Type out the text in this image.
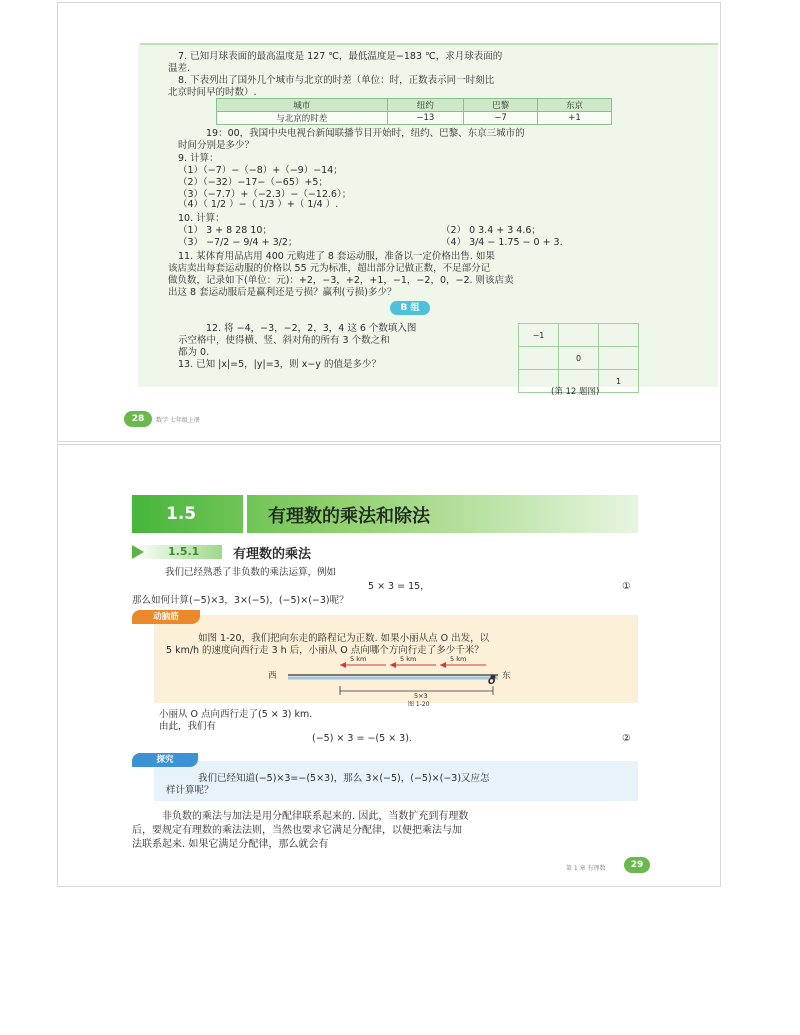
7. 已知月球表面的最高温度是 127 ℃，最低温度是−183 ℃，求月球表面的
温差.
8. 下表列出了国外几个城市与北京的时差（单位：时，正数表示同一时刻比
北京时间早的时数）.
城市	纽约	巴黎	东京
与北京的时差	−13	−7	+1
19：00，我国中央电视台新闻联播节目开始时，纽约、巴黎、东京三城市的
时间分别是多少？
9. 计算：
（1）（−7）−（−8）+（−9）−14；
（2）（−32）−17−（−65）+5；
（3）（−7.7）+（−2.3）−（−12.6）；
（4）（ 1/2 ）−（ 1/3 ）+（ 1/4 ）.
10. 计算：
（1） 3 + 8 28 10；	（2） 0 3.4 + 3 4.6；
（3） −7/2 − 9/4 + 3/2；	（4） 3/4 − 1.75 − 0 + 3.
11. 某体育用品店用 400 元购进了 8 套运动服，准备以一定价格出售. 如果
该店卖出每套运动服的价格以 55 元为标准，超出部分记做正数，不足部分记
做负数，记录如下(单位：元)：+2，−3，+2，+1，−1，−2，0，−2. 则该店卖
出这 8 套运动服后是赢利还是亏损？赢利(亏损)多少？
B 组
12. 将 −4，−3，−2，2，3，4 这 6 个数填入图
示空格中，使得横、竖、斜对角的所有 3 个数之和
都为 0.
13. 已知 |x|=5，|y|=3，则 x−y 的值是多少？
−1		
	0	
		1
(第 12 题图)
28	数学 七年级上册
1.5	有理数的乘法和除法
1.5.1	有理数的乘法
我们已经熟悉了非负数的乘法运算，例如
5 × 3 = 15，	①
那么如何计算(−5)×3，3×(−5)，(−5)×(−3)呢？
动脑筋
如图 1-20，我们把向东走的路程记为正数. 如果小丽从点 O 出发，以
5 km/h 的速度向西行走 3 h 后，小丽从 O 点向哪个方向行走了多少千米？
西	东
5 km	5 km	5 km
O
5×3
图 1-20
小丽从 O 点向西行走了(5 × 3) km.
由此，我们有
(−5) × 3 = −(5 × 3).	②
探究
我们已经知道(−5)×3=−(5×3)，那么 3×(−5)，(−5)×(−3)又应怎
样计算呢？
非负数的乘法与加法是用分配律联系起来的. 因此，当数扩充到有理数
后，要规定有理数的乘法法则，当然也要求它满足分配律，以便把乘法与加
法联系起来. 如果它满足分配律，那么就会有
第 1 章 有理数	29
